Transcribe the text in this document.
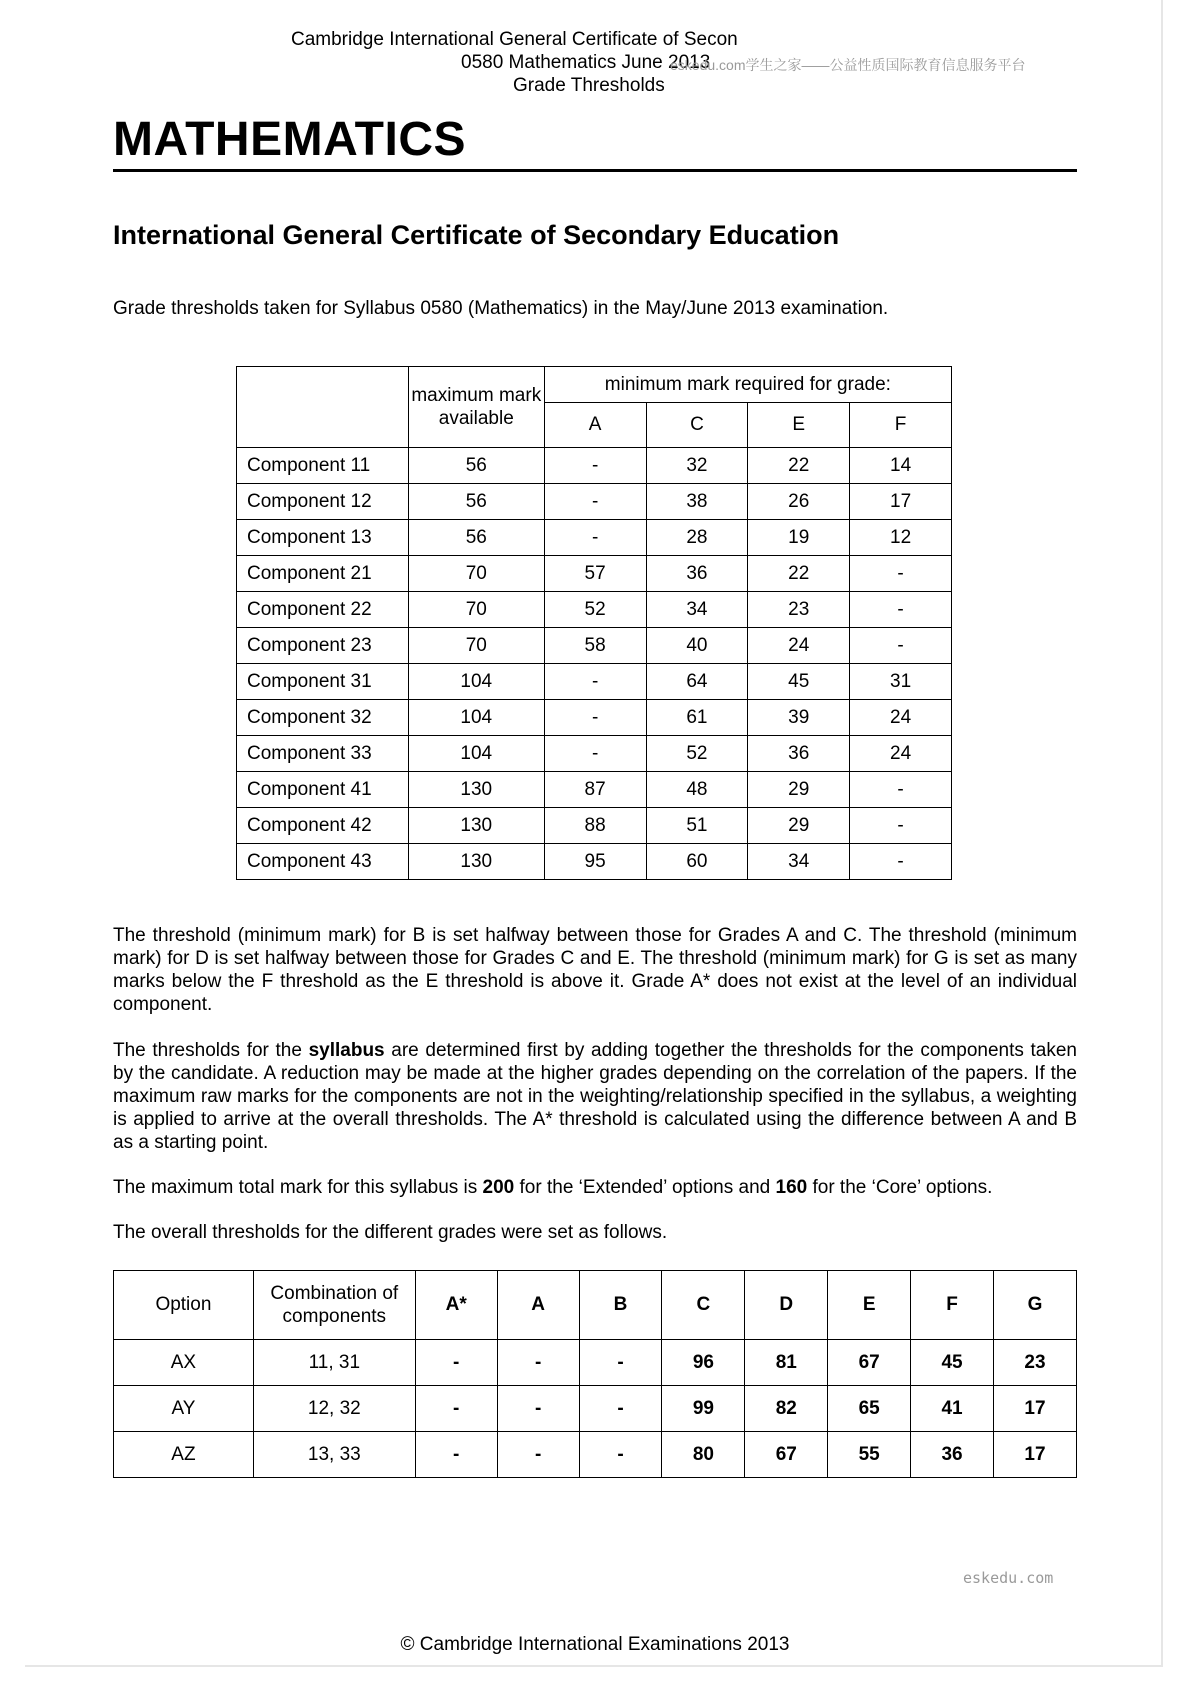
Cambridge International General Certificate of Secon
0580 Mathematics June 2013
Grade Thresholds
eskedu.com学生之家——公益性质国际教育信息服务平台
MATHEMATICS
International General Certificate of Secondary Education
Grade thresholds taken for Syllabus 0580 (Mathematics) in the May/June 2013 examination.
	maximum mark available	minimum mark required for grade:			
		A	C	E	F
Component 11	56	-	32	22	14
Component 12	56	-	38	26	17
Component 13	56	-	28	19	12
Component 21	70	57	36	22	-
Component 22	70	52	34	23	-
Component 23	70	58	40	24	-
Component 31	104	-	64	45	31
Component 32	104	-	61	39	24
Component 33	104	-	52	36	24
Component 41	130	87	48	29	-
Component 42	130	88	51	29	-
Component 43	130	95	60	34	-
The threshold (minimum mark) for B is set halfway between those for Grades A and C. The threshold (minimum mark) for D is set halfway between those for Grades C and E. The threshold (minimum mark) for G is set as many marks below the F threshold as the E threshold is above it. Grade A* does not exist at the level of an individual component.
The thresholds for the syllabus are determined first by adding together the thresholds for the components taken by the candidate. A reduction may be made at the higher grades depending on the correlation of the papers. If the maximum raw marks for the components are not in the weighting/relationship specified in the syllabus, a weighting is applied to arrive at the overall thresholds. The A* threshold is calculated using the difference between A and B as a starting point.
The maximum total mark for this syllabus is 200 for the ‘Extended’ options and 160 for the ‘Core’ options.
The overall thresholds for the different grades were set as follows.
Option	Combination of components	A*	A	B	C	D	E	F	G
AX	11, 31	-	-	-	96	81	67	45	23
AY	12, 32	-	-	-	99	82	65	41	17
AZ	13, 33	-	-	-	80	67	55	36	17
eskedu.com
© Cambridge International Examinations 2013
